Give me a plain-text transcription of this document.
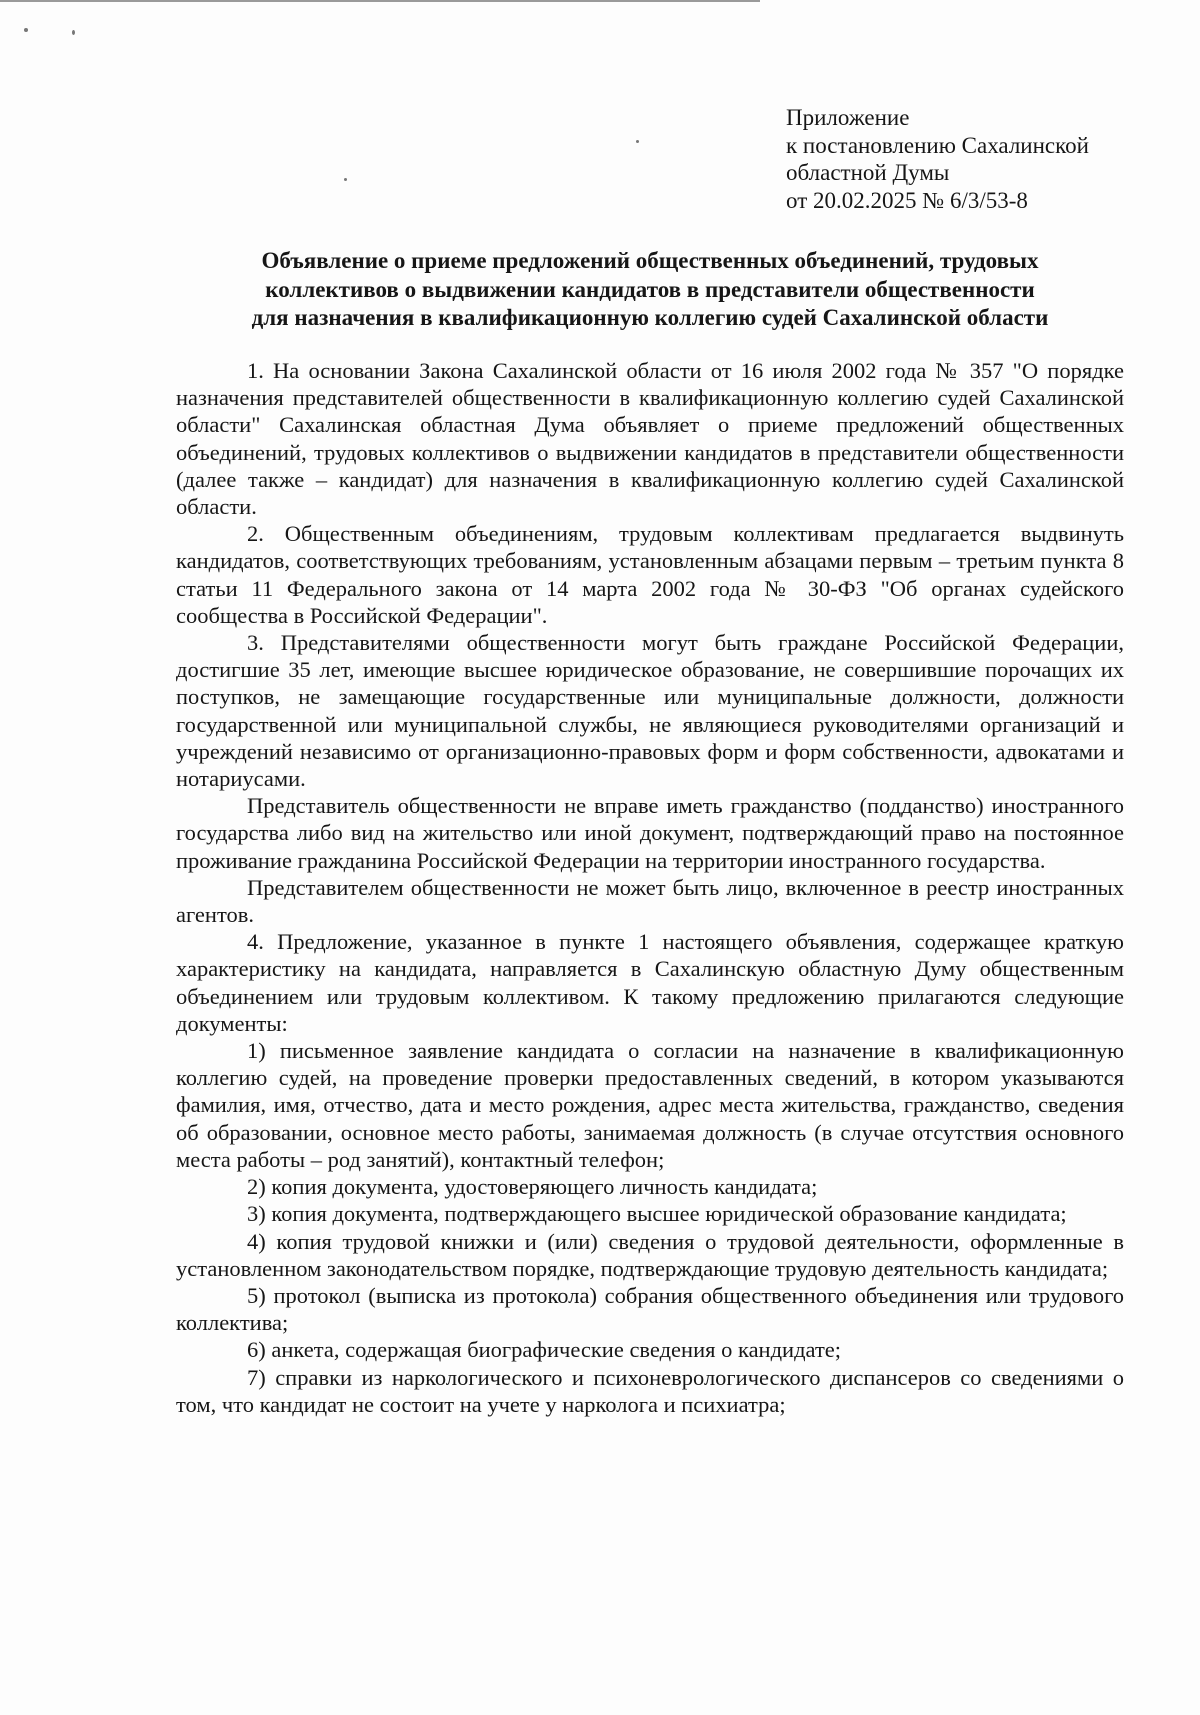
Приложение
к постановлению Сахалинской
областной Думы
от 20.02.2025 № 6/3/53-8
Объявление о приеме предложений общественных объединений, трудовых
коллективов о выдвижении кандидатов в представители общественности
для назначения в квалификационную коллегию судей Сахалинской области

1. На основании Закона Сахалинской области от 16 июля 2002 года № 357 "О порядке назначения представителей общественности в квалификационную коллегию судей Сахалинской области" Сахалинская областная Дума объявляет о приеме предложений общественных объединений, трудовых коллективов о выдвижении кандидатов в представители общественности (далее также – кандидат) для назначения в квалификационную коллегию судей Сахалинской области.

2. Общественным объединениям, трудовым коллективам предлагается выдвинуть кандидатов, соответствующих требованиям, установленным абзацами первым – третьим пункта 8 статьи 11 Федерального закона от 14 марта 2002 года № 30-ФЗ "Об органах судейского сообщества в Российской Федерации".

3. Представителями общественности могут быть граждане Российской Федерации, достигшие 35 лет, имеющие высшее юридическое образование, не совершившие порочащих их поступков, не замещающие государственные или муниципальные должности, должности государственной или муниципальной службы, не являющиеся руководителями организаций и учреждений независимо от организационно-правовых форм и форм собственности, адвокатами и нотариусами.

Представитель общественности не вправе иметь гражданство (подданство) иностранного государства либо вид на жительство или иной документ, подтверждающий право на постоянное проживание гражданина Российской Федерации на территории иностранного государства.

Представителем общественности не может быть лицо, включенное в реестр иностранных агентов.

4. Предложение, указанное в пункте 1 настоящего объявления, содержащее краткую характеристику на кандидата, направляется в Сахалинскую областную Думу общественным объединением или трудовым коллективом. К такому предложению прилагаются следующие документы:

1) письменное заявление кандидата о согласии на назначение в квалификационную коллегию судей, на проведение проверки предоставленных сведений, в котором указываются фамилия, имя, отчество, дата и место рождения, адрес места жительства, гражданство, сведения об образовании, основное место работы, занимаемая должность (в случае отсутствия основного места работы – род занятий), контактный телефон;

2) копия документа, удостоверяющего личность кандидата;

3) копия документа, подтверждающего высшее юридической образование кандидата;

4) копия трудовой книжки и (или) сведения о трудовой деятельности, оформленные в установленном законодательством порядке, подтверждающие трудовую деятельность кандидата;

5) протокол (выписка из протокола) собрания общественного объединения или трудового коллектива;

6) анкета, содержащая биографические сведения о кандидате;

7) справки из наркологического и психоневрологического диспансеров со сведениями о том, что кандидат не состоит на учете у нарколога и психиатра;
